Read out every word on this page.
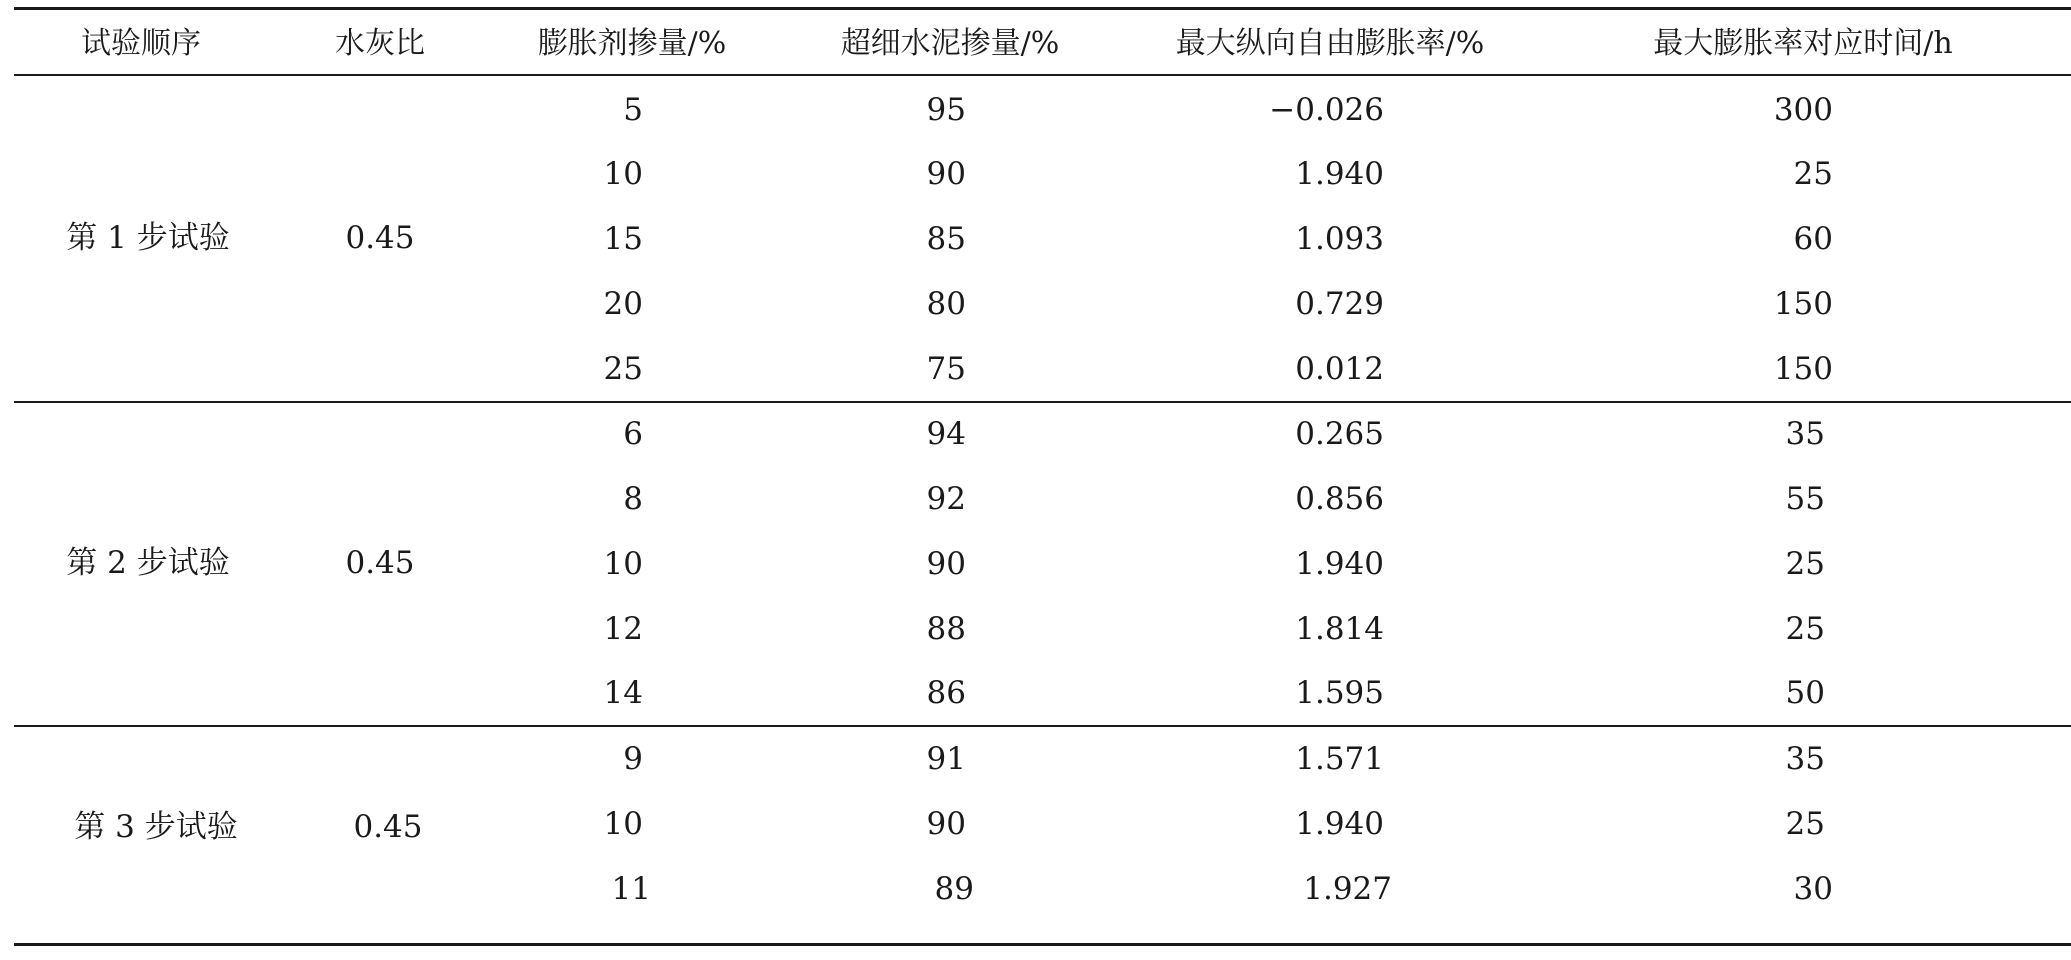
试验顺序	水灰比	膨胀剂掺量/%	超细水泥掺量/%	最大纵向自由膨胀率/%	最大膨胀率对应时间/h
第 1 步试验	0.45
5	95	−0.026	300
10	90	1.940	25
15	85	1.093	60
20	80	0.729	150
25	75	0.012	150
第 2 步试验	0.45
6	94	0.265	35
8	92	0.856	55
10	90	1.940	25
12	88	1.814	25
14	86	1.595	50
第 3 步试验	0.45
9	91	1.571	35
10	90	1.940	25
11	89	1.927	30
